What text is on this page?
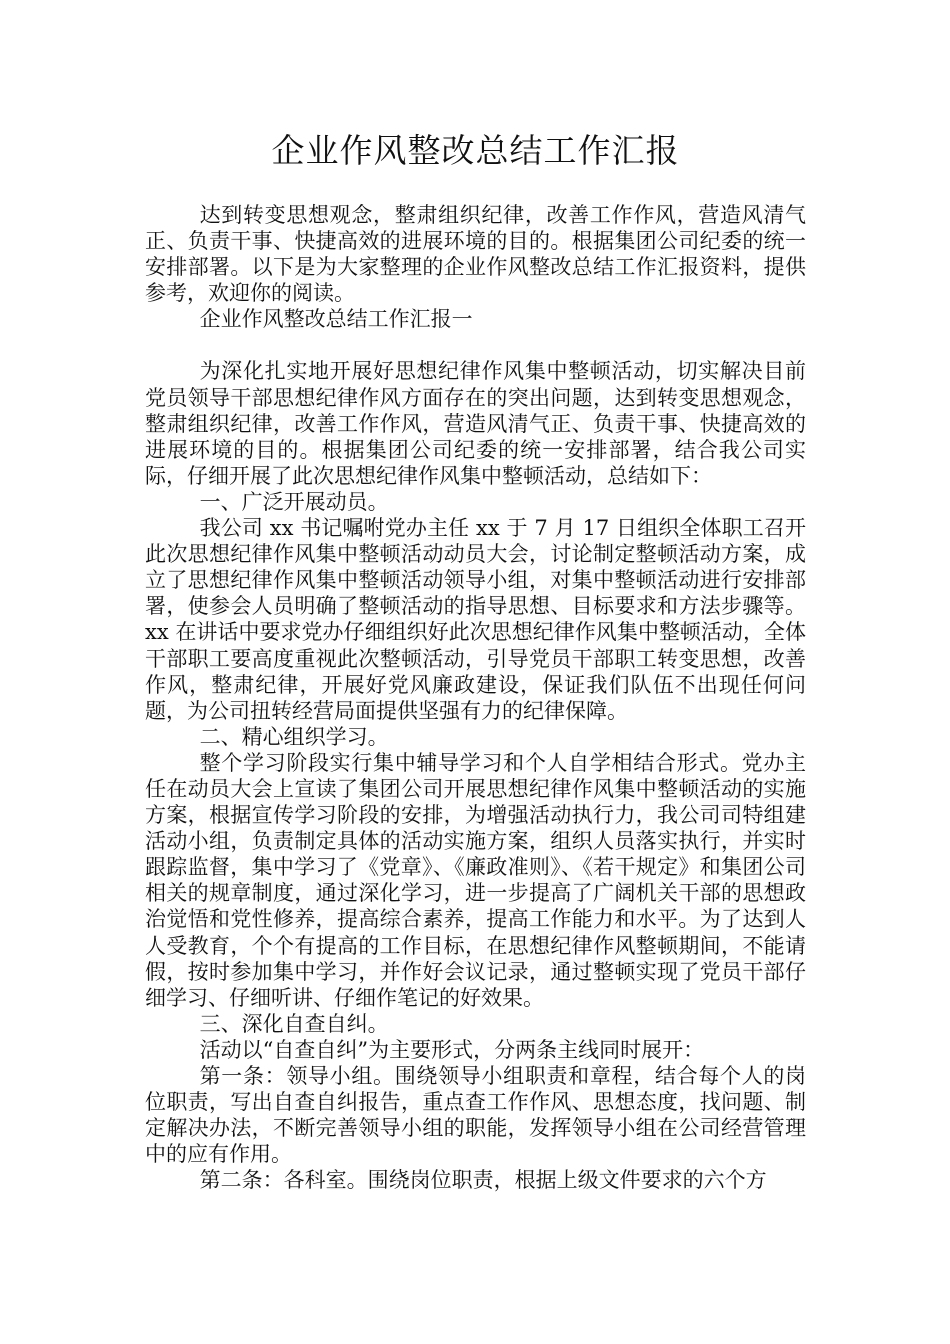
企业作风整改总结工作汇报

达到转变思想观念，整肃组织纪律，改善工作作风，营造风清气正、负责干事、快捷高效的进展环境的目的。根据集团公司纪委的统一安排部署。以下是为大家整理的企业作风整改总结工作汇报资料，提供参考，欢迎你的阅读。

企业作风整改总结工作汇报一

为深化扎实地开展好思想纪律作风集中整顿活动，切实解决目前党员领导干部思想纪律作风方面存在的突出问题，达到转变思想观念，整肃组织纪律，改善工作作风，营造风清气正、负责干事、快捷高效的进展环境的目的。根据集团公司纪委的统一安排部署，结合我公司实际，仔细开展了此次思想纪律作风集中整顿活动，总结如下：

一、广泛开展动员。

我公司 xx 书记嘱咐党办主任 xx 于 7 月 17 日组织全体职工召开此次思想纪律作风集中整顿活动动员大会，讨论制定整顿活动方案，成立了思想纪律作风集中整顿活动领导小组，对集中整顿活动进行安排部署，使参会人员明确了整顿活动的指导思想、目标要求和方法步骤等。xx 在讲话中要求党办仔细组织好此次思想纪律作风集中整顿活动，全体干部职工要高度重视此次整顿活动，引导党员干部职工转变思想，改善作风，整肃纪律，开展好党风廉政建设，保证我们队伍不出现任何问题，为公司扭转经营局面提供坚强有力的纪律保障。

二、精心组织学习。

整个学习阶段实行集中辅导学习和个人自学相结合形式。党办主任在动员大会上宣读了集团公司开展思想纪律作风集中整顿活动的实施方案，根据宣传学习阶段的安排，为增强活动执行力，我公司司特组建活动小组，负责制定具体的活动实施方案，组织人员落实执行，并实时跟踪监督，集中学习了《党章》、《廉政准则》、《若干规定》和集团公司相关的规章制度，通过深化学习，进一步提高了广阔机关干部的思想政治觉悟和党性修养，提高综合素养，提高工作能力和水平。为了达到人人受教育，个个有提高的工作目标，在思想纪律作风整顿期间，不能请假，按时参加集中学习，并作好会议记录，通过整顿实现了党员干部仔细学习、仔细听讲、仔细作笔记的好效果。

三、深化自查自纠。

活动以“自查自纠”为主要形式，分两条主线同时展开：

第一条：领导小组。围绕领导小组职责和章程，结合每个人的岗位职责，写出自查自纠报告，重点查工作作风、思想态度，找问题、制定解决办法，不断完善领导小组的职能，发挥领导小组在公司经营管理中的应有作用。

第二条：各科室。围绕岗位职责，根据上级文件要求的六个方
